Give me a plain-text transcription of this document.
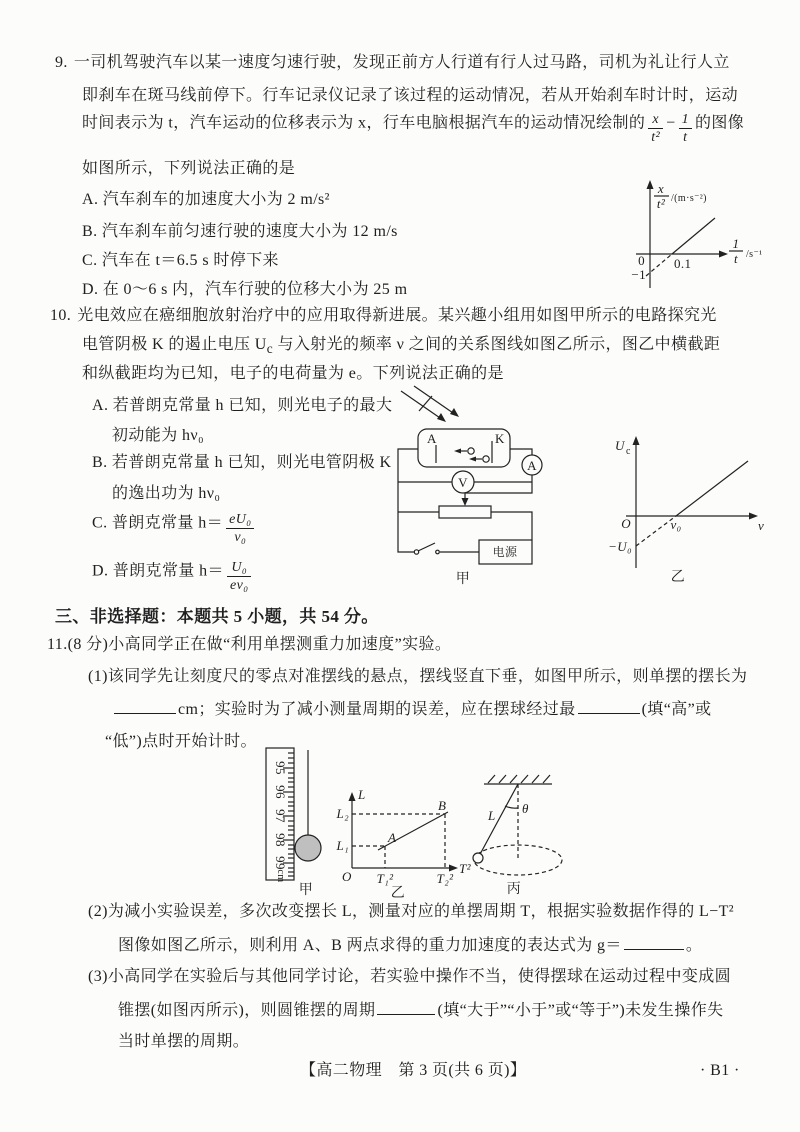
9. 一司机驾驶汽车以某一速度匀速行驶，发现正前方人行道有行人过马路，司机为礼让行人立
即刹车在斑马线前停下。行车记录仪记录了该过程的运动情况，若从开始刹车时计时，运动
时间表示为 t，汽车运动的位移表示为 x，行车电脑根据汽车的运动情况绘制的 $\frac{x}{\text{t²}} - \frac{1}{t}$ 的图像
如图所示，下列说法正确的是
A. 汽车刹车的加速度大小为 2 m/s²
B. 汽车刹车前匀速行驶的速度大小为 12 m/s
C. 汽车在 t＝6.5 s 时停下来
D. 在 0～6 s 内，汽车行驶的位移大小为 25 m
x
t² /(m·s⁻²)
0 0.1
−1
1
t /s⁻¹
10. 光电效应在癌细胞放射治疗中的应用取得新进展。某兴趣小组用如图甲所示的电路探究光
电管阴极 K 的遏止电压 $U_c$ 与入射光的频率 ν 之间的关系图线如图乙所示，图乙中横截距
和纵截距均为已知，电子的电荷量为 e。下列说法正确的是
A. 若普朗克常量 h 已知，则光电子的最大
初动能为 hν₀
B. 若普朗克常量 h 已知，则光电管阴极 K
的逸出功为 hν₀
C. 普朗克常量 $h= \frac{\text{eU₀}}{\text{ν₀}}$
D. 普朗克常量 $h= \frac{\text{U₀}}{\text{eν₀}}$
A	K
A
V
电源
甲
U c
O	ν₀	ν
−U₀
乙
三、非选择题：本题共 5 小题，共 54 分。
11.(8 分)小高同学正在做“利用单摆测重力加速度”实验。
(1)该同学先让刻度尺的零点对准摆线的悬点，摆线竖直下垂，如图甲所示，则单摆的摆长为
cm；实验时为了减小测量周期的误差，应在摆球经过最	(填“高”或
“低”)点时开始计时。
95
96
97
98
99
cm
甲
L
A
B
L₂
L₁
O T₁²	T₂²
T²
乙
θ
L
丙
(2)为减小实验误差，多次改变摆长 L，测量对应的单摆周期 T，根据实验数据作得的 L−T²
图像如图乙所示，则利用 A、B 两点求得的重力加速度的表达式为 g＝	。
(3)小高同学在实验后与其他同学讨论，若实验中操作不当，使得摆球在运动过程中变成圆
锥摆(如图丙所示)，则圆锥摆的周期	(填“大于”“小于”或“等于”)未发生操作失
当时单摆的周期。
【高二物理　第 3 页(共 6 页)】	· B1 ·
